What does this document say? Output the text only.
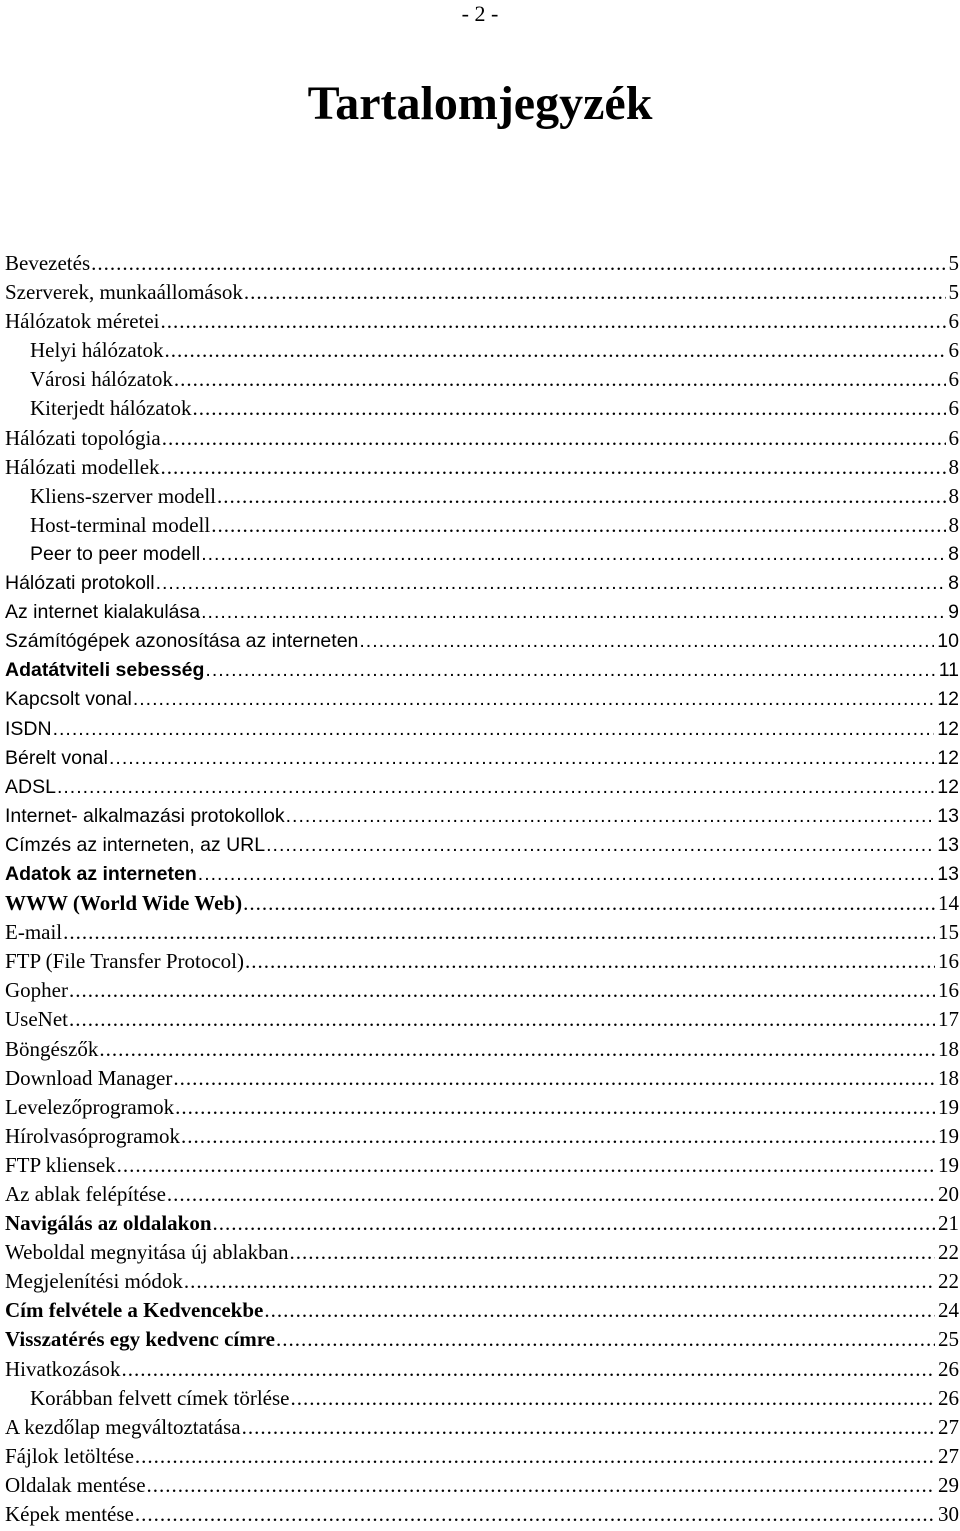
- 2 -
Tartalomjegyzék
Bevezetés .....	5
Szerverek, munkaállomások .....	5
Hálózatok méretei .....	6
Helyi hálózatok .....	6
Városi hálózatok .....	6
Kiterjedt hálózatok .....	6
Hálózati topológia .....	6
Hálózati modellek .....	8
Kliens-szerver modell .....	8
Host-terminal modell .....	8
Peer to peer modell .....	8
Hálózati protokoll .....	8
Az internet kialakulása .....	9
Számítógépek azonosítása az interneten .....	10
Adatátviteli sebesség .....	11
Kapcsolt vonal .....	12
ISDN .....	12
Bérelt vonal .....	12
ADSL .....	12
Internet- alkalmazási protokollok .....	13
Címzés az interneten, az URL .....	13
Adatok az interneten .....	13
WWW (World Wide Web) .....	14
E-mail .....	15
FTP (File Transfer Protocol) .....	16
Gopher .....	16
UseNet .....	17
Böngészők .....	18
Download Manager .....	18
Levelezőprogramok .....	19
Hírolvasóprogramok .....	19
FTP kliensek .....	19
Az ablak felépítése .....	20
Navigálás az oldalakon .....	21
Weboldal megnyitása új ablakban .....	22
Megjelenítési módok .....	22
Cím felvétele a Kedvencekbe .....	24
Visszatérés egy kedvenc címre .....	25
Hivatkozások .....	26
Korábban felvett címek törlése .....	26
A kezdőlap megváltoztatása .....	27
Fájlok letöltése .....	27
Oldalak mentése .....	29
Képek mentése .....	30
